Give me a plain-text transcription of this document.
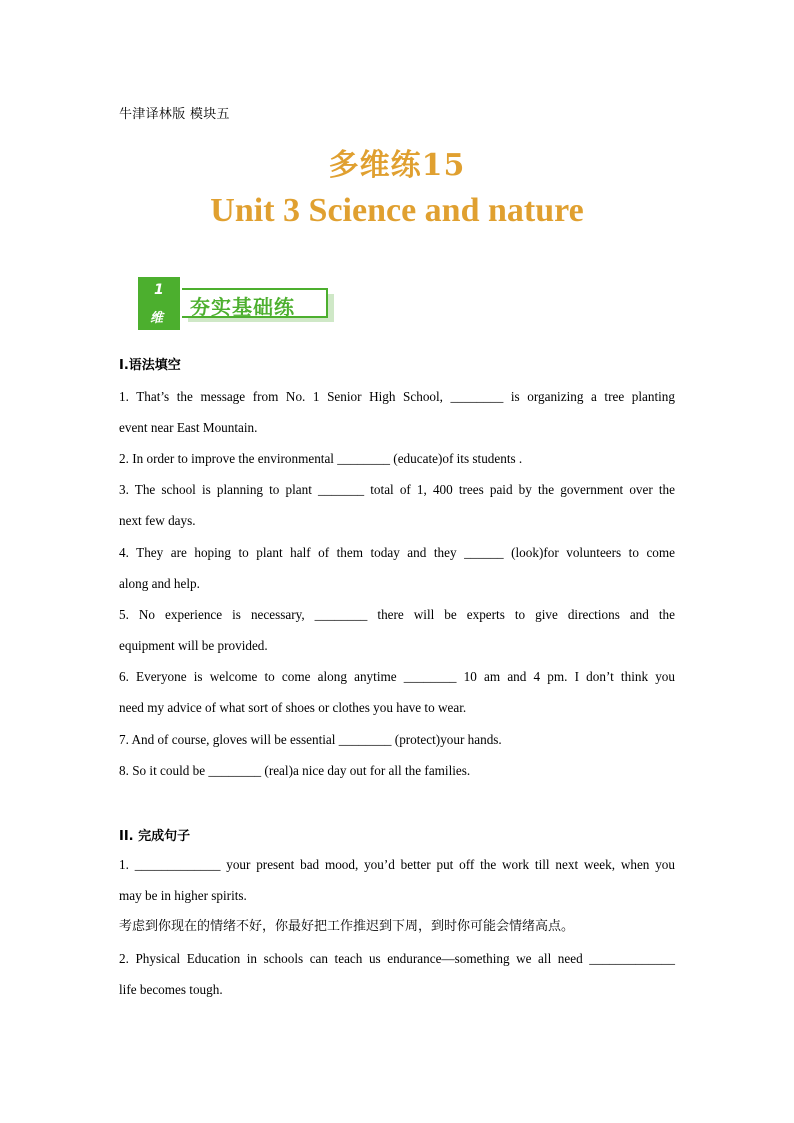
牛津译林版 模块五
多维练15
Unit 3 Science and nature
1
维 夯实基础练
I.语法填空
1. That’s the message from No. 1 Senior High School, ________ is organizing a tree planting
event near East Mountain.
2. In order to improve the environmental ________ (educate)of its students .
3. The school is planning to plant _______ total of 1, 400 trees paid by the government over the
next few days.
4. They are hoping to plant half of them today and they ______ (look)for volunteers to come
along and help.
5. No experience is necessary, ________ there will be experts to give directions and the
equipment will be provided.
6. Everyone is welcome to come along anytime ________ 10 am and 4 pm. I don’t think you
need my advice of what sort of shoes or clothes you have to wear.
7. And of course, gloves will be essential ________ (protect)your hands.
8. So it could be ________ (real)a nice day out for all the families.
II. 完成句子
1. _____________ your present bad mood, you’d better put off the work till next week, when you
may be in higher spirits.
考虑到你现在的情绪不好，你最好把工作推迟到下周，到时你可能会情绪高点。
2. Physical Education in schools can teach us endurance—something we all need _____________
life becomes tough.
